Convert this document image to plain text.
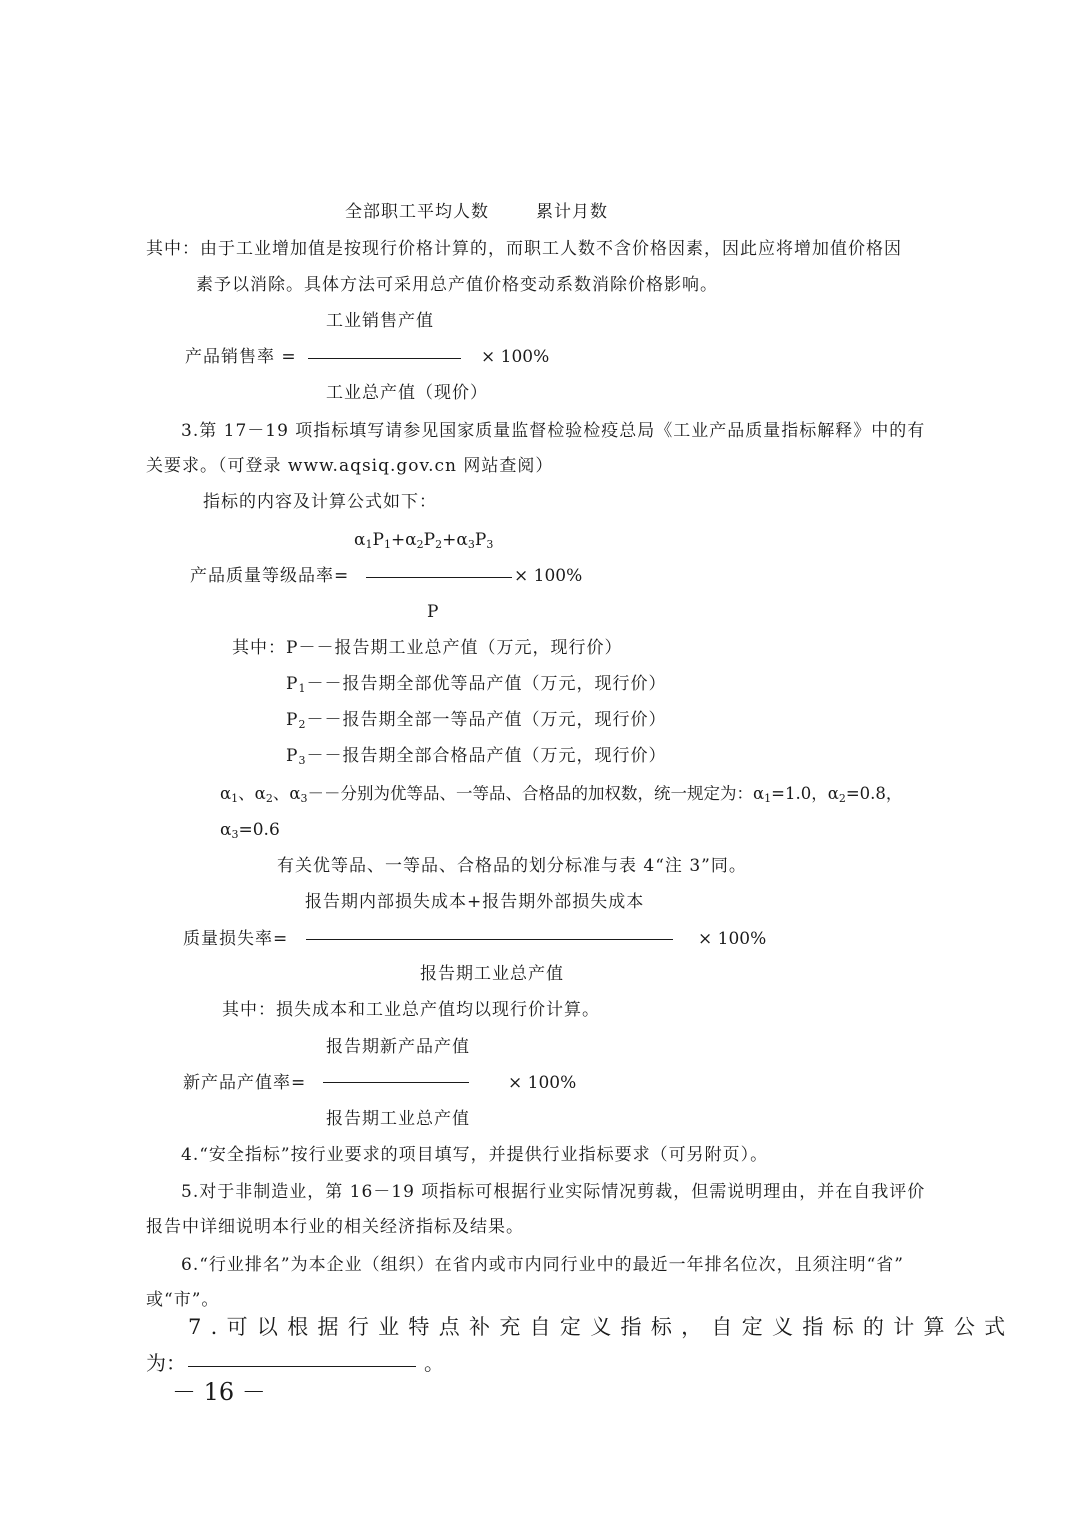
全部职工平均人数	累计月数
其中：由于工业增加值是按现行价格计算的，而职工人数不含价格因素，因此应将增加值价格因
素予以消除。具体方法可采用总产值价格变动系数消除价格影响。
工业销售产值
产品销售率 =	× 100%
工业总产值（现价）
3.第 17－19 项指标填写请参见国家质量监督检验检疫总局《工业产品质量指标解释》中的有
关要求。（可登录 www.aqsiq.gov.cn 网站查阅）
指标的内容及计算公式如下：
$\alpha_1P_1+\alpha_2P_2+\alpha_3P_3$
产品质量等级品率=	× 100%
P
其中：P－－报告期工业总产值（万元，现行价）
$P_1--$报告期全部优等品产值（万元，现行价）
$P_2--$报告期全部一等品产值（万元，现行价）
$P_3--$报告期全部合格品产值（万元，现行价）
$\alpha_1$、$\alpha_2$、$\alpha_3--$分别为优等品、一等品、合格品的加权数，统一规定为：$\alpha_1=1.0$，$\alpha_2=0.8$，
$\alpha_3=0.6$
有关优等品、一等品、合格品的划分标准与表 4“注 3”同。
报告期内部损失成本+报告期外部损失成本
质量损失率=	× 100%
报告期工业总产值
其中：损失成本和工业总产值均以现行价计算。
报告期新产品产值
新产品产值率=	× 100%
报告期工业总产值
4.“安全指标”按行业要求的项目填写，并提供行业指标要求（可另附页）。
5.对于非制造业，第 16－19 项指标可根据行业实际情况剪裁，但需说明理由，并在自我评价
报告中详细说明本行业的相关经济指标及结果。
6.“行业排名”为本企业（组织）在省内或市内同行业中的最近一年排名位次，且须注明“省”
或“市”。
7.可以根据行业特点补充自定义指标，自定义指标的计算公式
为：	。
－ 16 －
